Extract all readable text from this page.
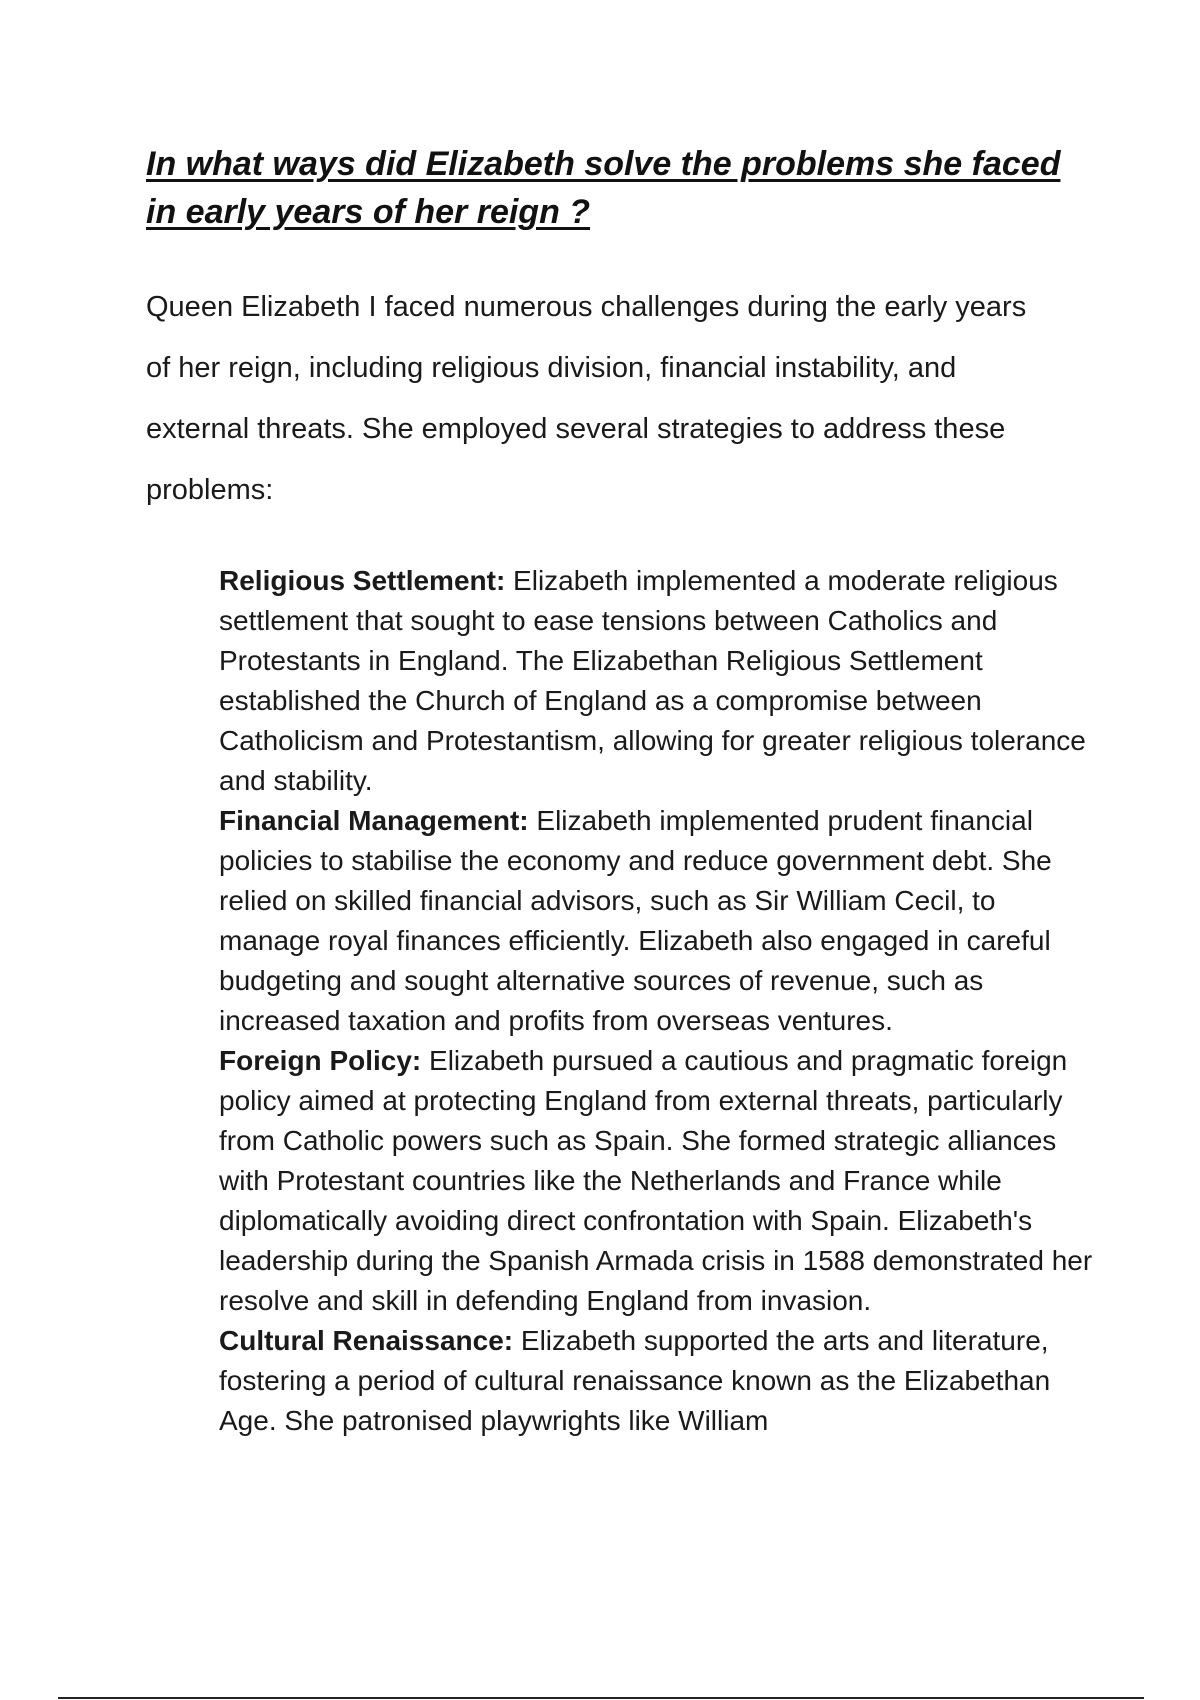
In what ways did Elizabeth solve the problems she faced in early years of her reign ?

Queen Elizabeth I faced numerous challenges during the early years of her reign, including religious division, financial instability, and external threats. She employed several strategies to address these problems:

Religious Settlement: Elizabeth implemented a moderate religious settlement that sought to ease tensions between Catholics and Protestants in England. The Elizabethan Religious Settlement established the Church of England as a compromise between Catholicism and Protestantism, allowing for greater religious tolerance and stability.
Financial Management: Elizabeth implemented prudent financial policies to stabilise the economy and reduce government debt. She relied on skilled financial advisors, such as Sir William Cecil, to manage royal finances efficiently. Elizabeth also engaged in careful budgeting and sought alternative sources of revenue, such as increased taxation and profits from overseas ventures.
Foreign Policy: Elizabeth pursued a cautious and pragmatic foreign policy aimed at protecting England from external threats, particularly from Catholic powers such as Spain. She formed strategic alliances with Protestant countries like the Netherlands and France while diplomatically avoiding direct confrontation with Spain. Elizabeth's leadership during the Spanish Armada crisis in 1588 demonstrated her resolve and skill in defending England from invasion.
Cultural Renaissance: Elizabeth supported the arts and literature, fostering a period of cultural renaissance known as the Elizabethan Age. She patronised playwrights like William
